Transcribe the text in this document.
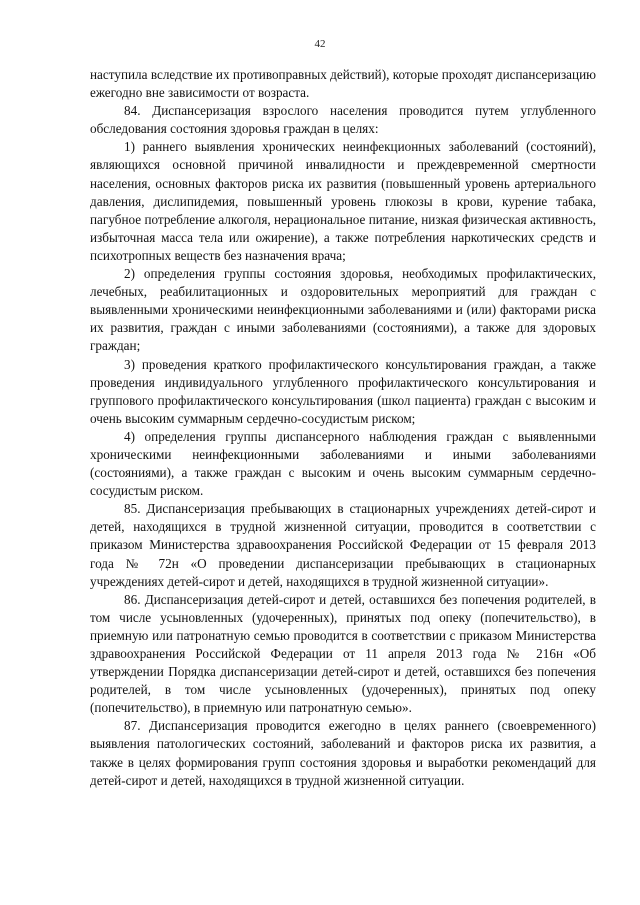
42

наступила вследствие их противоправных действий), которые проходят диспансеризацию ежегодно вне зависимости от возраста.

84. Диспансеризация взрослого населения проводится путем углубленного обследования состояния здоровья граждан в целях:

1) раннего выявления хронических неинфекционных заболеваний (состояний), являющихся основной причиной инвалидности и преждевременной смертности населения, основных факторов риска их развития (повышенный уровень артериального давления, дислипидемия, повышенный уровень глюкозы в крови, курение табака, пагубное потребление алкоголя, нерациональное питание, низкая физическая активность, избыточная масса тела или ожирение), а также потребления наркотических средств и психотропных веществ без назначения врача;

2) определения группы состояния здоровья, необходимых профилактических, лечебных, реабилитационных и оздоровительных мероприятий для граждан с выявленными хроническими неинфекционными заболеваниями и (или) факторами риска их развития, граждан с иными заболеваниями (состояниями), а также для здоровых граждан;

3) проведения краткого профилактического консультирования граждан, а также проведения индивидуального углубленного профилактического консультирования и группового профилактического консультирования (школ пациента) граждан с высоким и очень высоким суммарным сердечно-сосудистым риском;

4) определения группы диспансерного наблюдения граждан с выявленными хроническими неинфекционными заболеваниями и иными заболеваниями (состояниями), а также граждан с высоким и очень высоким суммарным сердечно-сосудистым риском.

85. Диспансеризация пребывающих в стационарных учреждениях детей-сирот и детей, находящихся в трудной жизненной ситуации, проводится в соответствии с приказом Министерства здравоохранения Российской Федерации от 15 февраля 2013 года № 72н «О проведении диспансеризации пребывающих в стационарных учреждениях детей-сирот и детей, находящихся в трудной жизненной ситуации».

86. Диспансеризация детей-сирот и детей, оставшихся без попечения родителей, в том числе усыновленных (удочеренных), принятых под опеку (попечительство), в приемную или патронатную семью проводится в соответствии с приказом Министерства здравоохранения Российской Федерации от 11 апреля 2013 года № 216н «Об утверждении Порядка диспансеризации детей-сирот и детей, оставшихся без попечения родителей, в том числе усыновленных (удочеренных), принятых под опеку (попечительство), в приемную или патронатную семью».

87. Диспансеризация проводится ежегодно в целях раннего (своевременного) выявления патологических состояний, заболеваний и факторов риска их развития, а также в целях формирования групп состояния здоровья и выработки рекомендаций для детей-сирот и детей, находящихся в трудной жизненной ситуации.
